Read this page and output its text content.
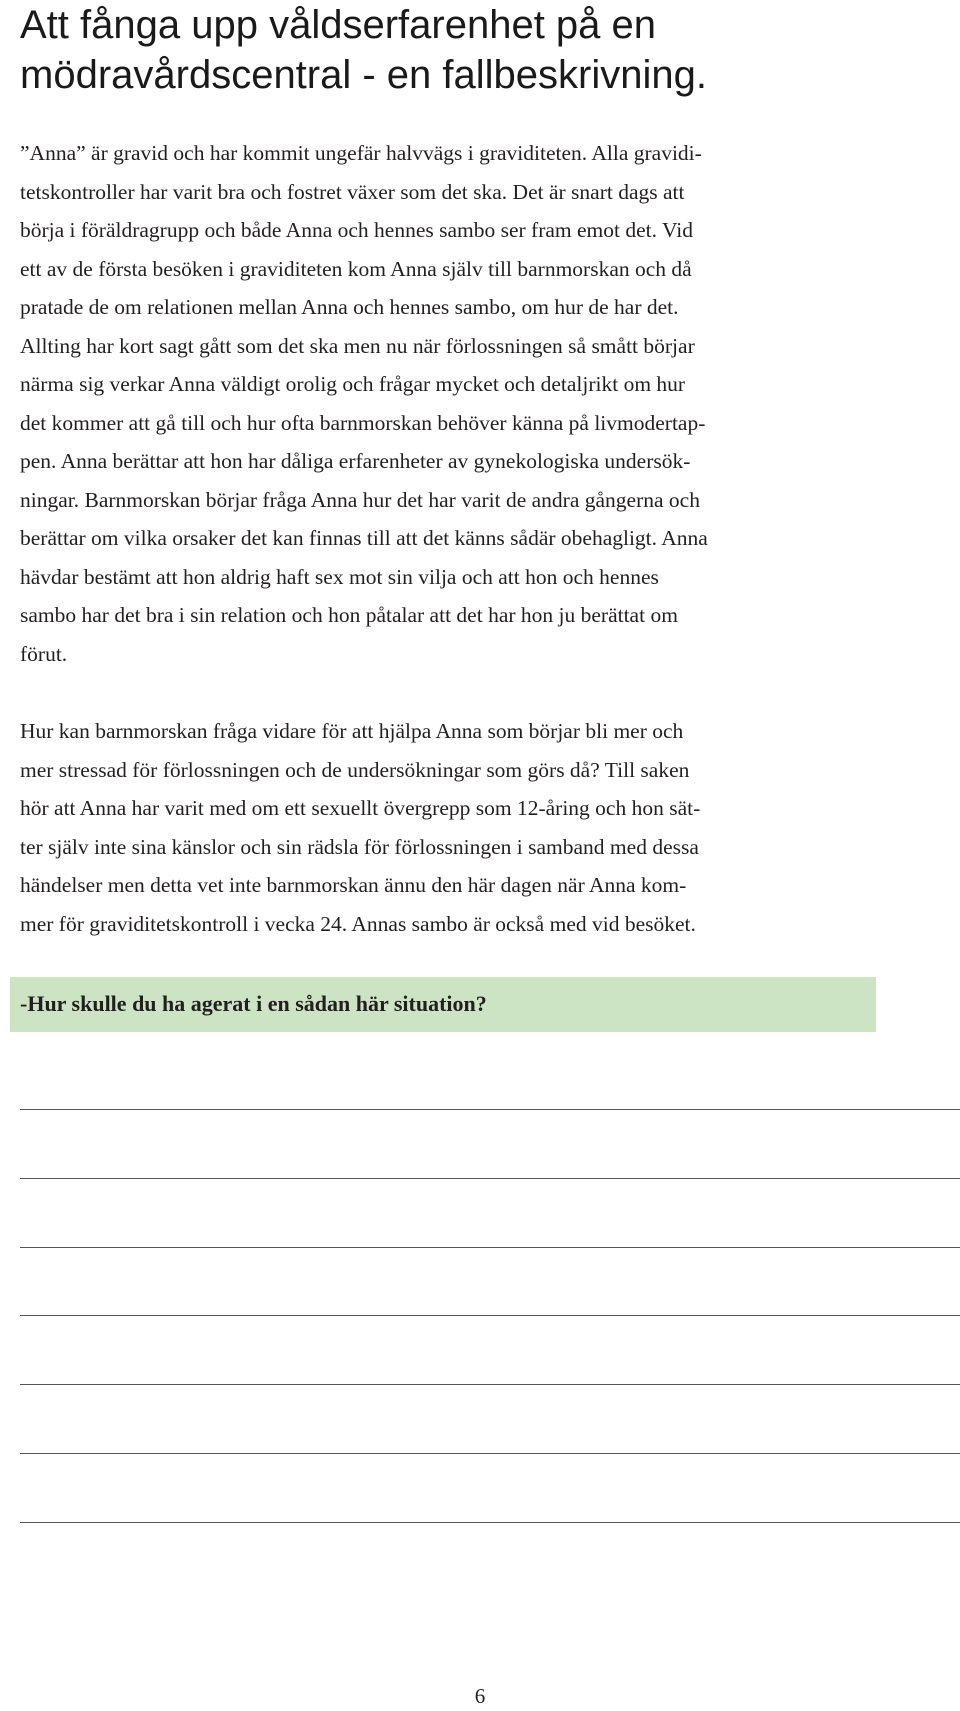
Att fånga upp våldserfarenhet på en
mödravårdscentral - en fallbeskrivning.
”Anna” är gravid och har kommit ungefär halvvägs i graviditeten. Alla gravidi-
tetskontroller har varit bra och fostret växer som det ska. Det är snart dags att
börja i föräldragrupp och både Anna och hennes sambo ser fram emot det. Vid
ett av de första besöken i graviditeten kom Anna själv till barnmorskan och då
pratade de om relationen mellan Anna och hennes sambo, om hur de har det.
Allting har kort sagt gått som det ska men nu när förlossningen så smått börjar
närma sig verkar Anna väldigt orolig och frågar mycket och detaljrikt om hur
det kommer att gå till och hur ofta barnmorskan behöver känna på livmodertap-
pen. Anna berättar att hon har dåliga erfarenheter av gynekologiska undersök-
ningar. Barnmorskan börjar fråga Anna hur det har varit de andra gångerna och
berättar om vilka orsaker det kan finnas till att det känns sådär obehagligt. Anna
hävdar bestämt att hon aldrig haft sex mot sin vilja och att hon och hennes
sambo har det bra i sin relation och hon påtalar att det har hon ju berättat om
förut.
Hur kan barnmorskan fråga vidare för att hjälpa Anna som börjar bli mer och
mer stressad för förlossningen och de undersökningar som görs då? Till saken
hör att Anna har varit med om ett sexuellt övergrepp som 12-åring och hon sät-
ter själv inte sina känslor och sin rädsla för förlossningen i samband med dessa
händelser men detta vet inte barnmorskan ännu den här dagen när Anna kom-
mer för graviditetskontroll i vecka 24. Annas sambo är också med vid besöket.

-Hur skulle du ha agerat i en sådan här situation?

6
